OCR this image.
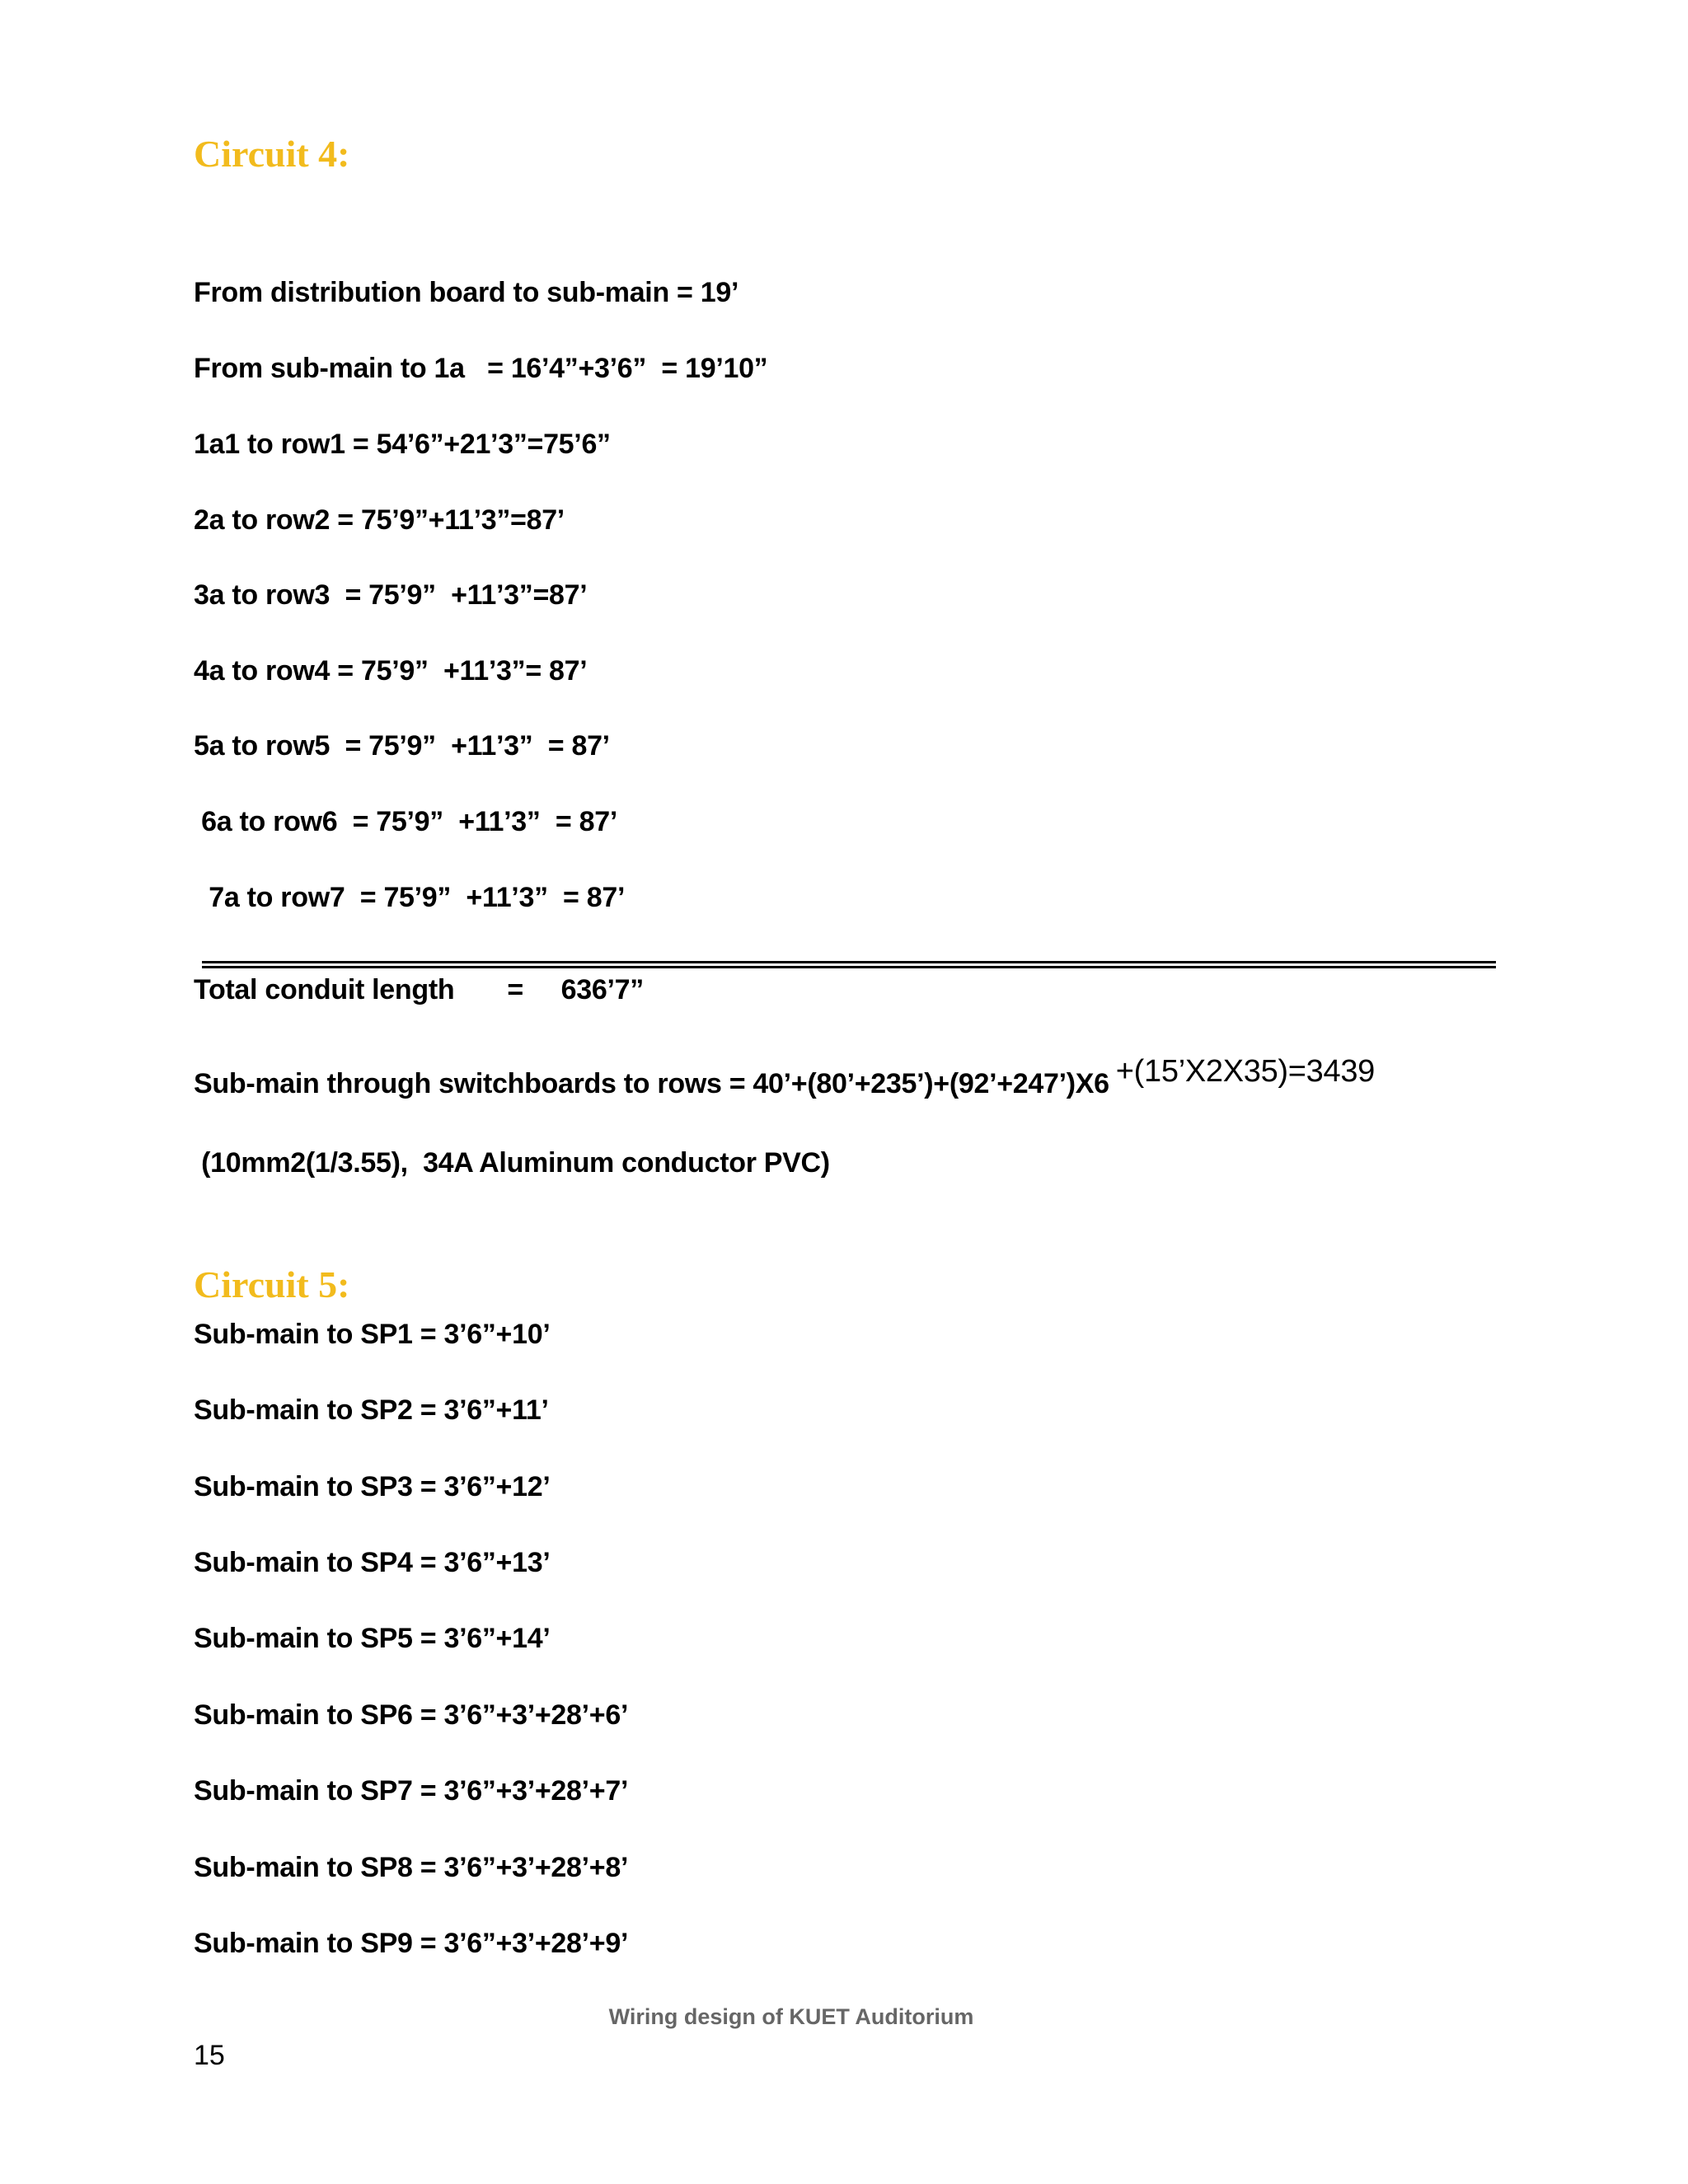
Circuit 4:

From distribution board to sub-main = 19’

From sub-main to 1a   = 16’4”+3’6”  = 19’10”

1a1 to row1 = 54’6”+21’3”=75’6”

2a to row2 = 75’9”+11’3”=87’

3a to row3  = 75’9”  +11’3”=87’

4a to row4 = 75’9”  +11’3”= 87’

5a to row5  = 75’9”  +11’3”  = 87’

6a to row6  = 75’9”  +11’3”  = 87’

7a to row7  = 75’9”  +11’3”  = 87’

Total conduit length       =     636’7”

Sub-main through switchboards to rows = 40’+(80’+235’)+(92’+247’)X6 +(15’X2X35)=3439

(10mm2(1/3.55),  34A Aluminum conductor PVC)

Circuit 5:

Sub-main to SP1 = 3’6”+10’

Sub-main to SP2 = 3’6”+11’

Sub-main to SP3 = 3’6”+12’

Sub-main to SP4 = 3’6”+13’

Sub-main to SP5 = 3’6”+14’

Sub-main to SP6 = 3’6”+3’+28’+6’

Sub-main to SP7 = 3’6”+3’+28’+7’

Sub-main to SP8 = 3’6”+3’+28’+8’

Sub-main to SP9 = 3’6”+3’+28’+9’

Wiring design of KUET Auditorium
15
